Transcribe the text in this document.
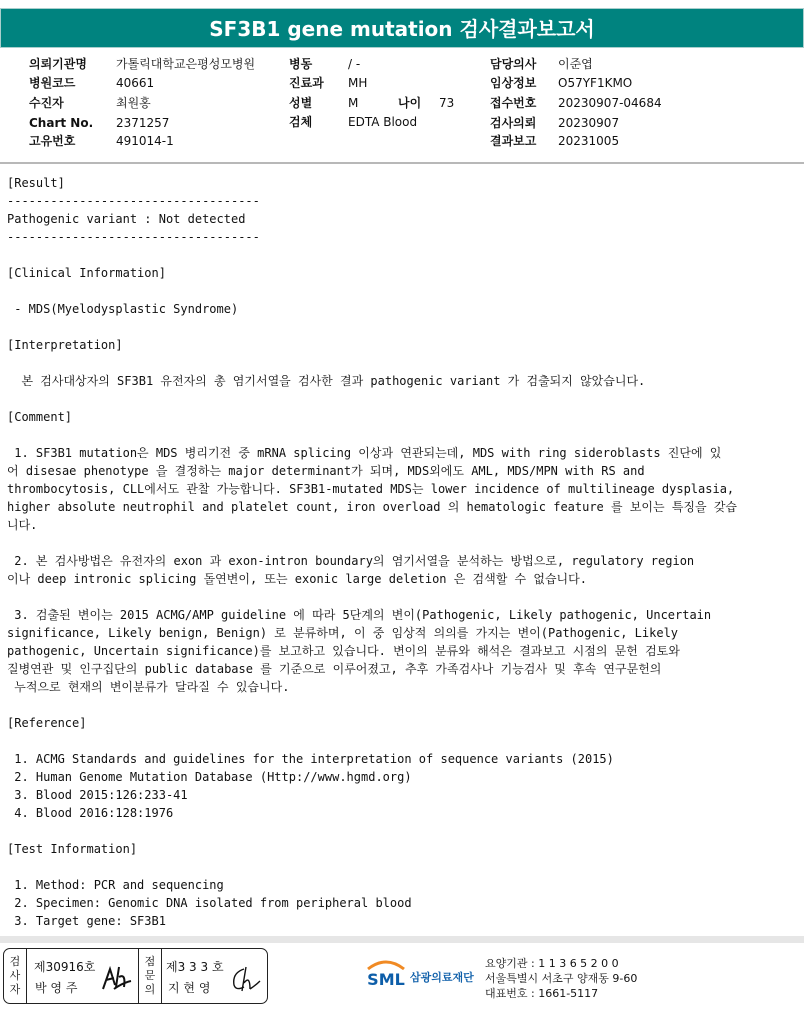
SF3B1 gene mutation 검사결과보고서
의뢰기관명 가톨릭대학교은평성모병원
병원코드	40661
수진자	최원홍
Chart No. 2371257
고유번호	491014-1
병동	/ -
진료과 MH
성별	M	나이 73
검체	EDTA Blood
담당의사 이준엽
임상정보 O57YF1KMO
접수번호 20230907-04684
검사의뢰 20230907
결과보고 20231005
[Result]
-----------------------------------
Pathogenic variant : Not detected
-----------------------------------
[Clinical Information]
- MDS(Myelodysplastic Syndrome)
[Interpretation]
본 검사대상자의 SF3B1 유전자의 총 염기서열을 검사한 결과 pathogenic variant 가 검출되지 않았습니다.
[Comment]
1. SF3B1 mutation은 MDS 병리기전 중 mRNA splicing 이상과 연관되는데, MDS with ring sideroblasts 진단에 있
어 disesae phenotype 을 결정하는 major determinant가 되며, MDS외에도 AML, MDS/MPN with RS and
thrombocytosis, CLL에서도 관찰 가능합니다. SF3B1-mutated MDS는 lower incidence of multilineage dysplasia,
higher absolute neutrophil and platelet count, iron overload 의 hematologic feature 를 보이는 특징을 갖습
니다.
2. 본 검사방법은 유전자의 exon 과 exon-intron boundary의 염기서열을 분석하는 방법으로, regulatory region
이나 deep intronic splicing 돌연변이, 또는 exonic large deletion 은 검색할 수 없습니다.
3. 검출된 변이는 2015 ACMG/AMP guideline 에 따라 5단계의 변이(Pathogenic, Likely pathogenic, Uncertain
significance, Likely benign, Benign) 로 분류하며, 이 중 임상적 의의를 가지는 변이(Pathogenic, Likely
pathogenic, Uncertain significance)를 보고하고 있습니다. 변이의 분류와 해석은 결과보고 시점의 문헌 검토와
질병연관 및 인구집단의 public database 를 기준으로 이루어졌고, 추후 가족검사나 기능검사 및 후속 연구문헌의
누적으로 현재의 변이분류가 달라질 수 있습니다.
[Reference]
1. ACMG Standards and guidelines for the interpretation of sequence variants (2015)
2. Human Genome Mutation Database (Http://www.hgmd.org)
3. Blood 2015:126:233-41
4. Blood 2016:128:1976
[Test Information]
1. Method: PCR and sequencing
2. Specimen: Genomic DNA isolated from peripheral blood
3. Target gene: SF3B1
검
사
자
제30916호
박 영 주
점
문
의
제3 3 3 호
지 현 영	SML 삼광의료재단
요양기관 : 1 1 3 6 5 2 0 0
서울특별시 서초구 양재동 9-60
대표번호 : 1661-5117
